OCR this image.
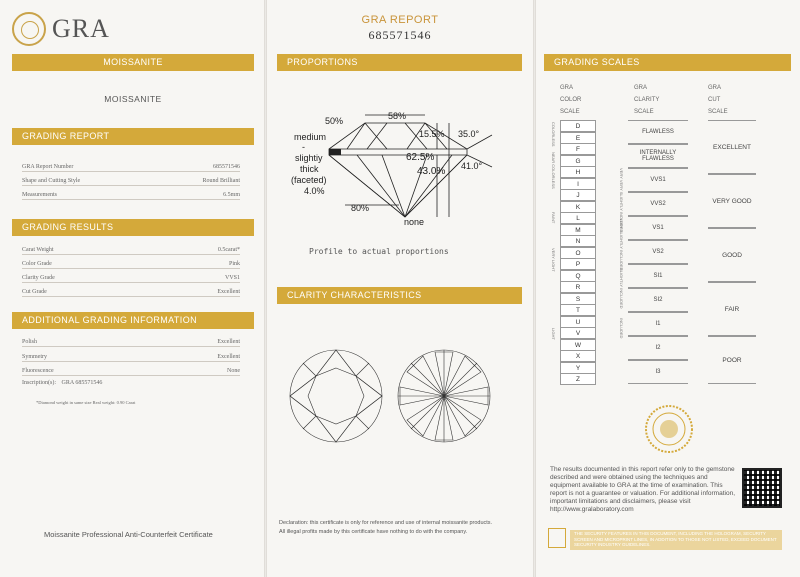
GRA
MOISSANITE
MOISSANITE
GRADING REPORT
GRA Report Number	685571546
Shape and Cutting Style	Round Brilliant
Measurements	6.5mm
GRADING RESULTS
Carat Weight	0.5carat*
Color Grade	Pink
Clarity Grade	VVS1
Cut Grade	Excellent
ADDITIONAL GRADING INFORMATION
Polish	Excellent
Symmetry	Excellent
Fluorescence	None
Inscription(s): GRA 685571546
*Diamond weight in same size Real weight: 0.90 Carat
Moissanite Professional Anti-Counterfeit Certificate
GRA REPORT
685571546
PROPORTIONS
58%
50%
15.5% 35.0°
medium
-
slightiy
thick
(faceted)
4.0%
62.5%
43.0% 41.0°
80%
none
Profile to actual proportions
CLARITY CHARACTERISTICS
Declaration: this certificate is only for reference and use of internal moissanite products.
All illegal profits made by this certificate have nothing to do with the company.
GRADING SCALES
GRA
COLOR
SCALE
GRA
CLARITY
SCALE
GRA
CUT
SCALE
D
E
F
G
H
I
J
K
L
M
N
O
P
Q
R
S
T
U
V
W
X
Y
Z
COLORLESS
NEAR COLORLESS
FAINT
VERY LIGHT
LIGHT
FLAWLESS
INTERNALLY FLAWLESS
VVS1
VVS2
VS1
VS2
SI1
SI2
I1
I2
I3
VERY VERY SLIGHTLY INCLUDED
VERY SLIGHTLY INCLUDED
SLIGHTLY INCLUDED
INCLUDED
EXCELLENT
VERY GOOD
GOOD
FAIR
POOR
The results documented in this report refer only to the gemstone described and were obtained using the techniques and equipment available to GRA at the time of examination. This report is not a guarantee or valuation. For additional information, important limitations and disclaimers, please visit http://www.gralaboratory.com
THE SECURITY FEATURES IN THIS DOCUMENT, INCLUDING THE HOLOGRAM, SECURITY SCREEN AND MICROPRINT LINES, IN ADDITION TO THOSE NOT LISTED, EXCEED DOCUMENT SECURITY INDUSTRY GUIDELINES.
